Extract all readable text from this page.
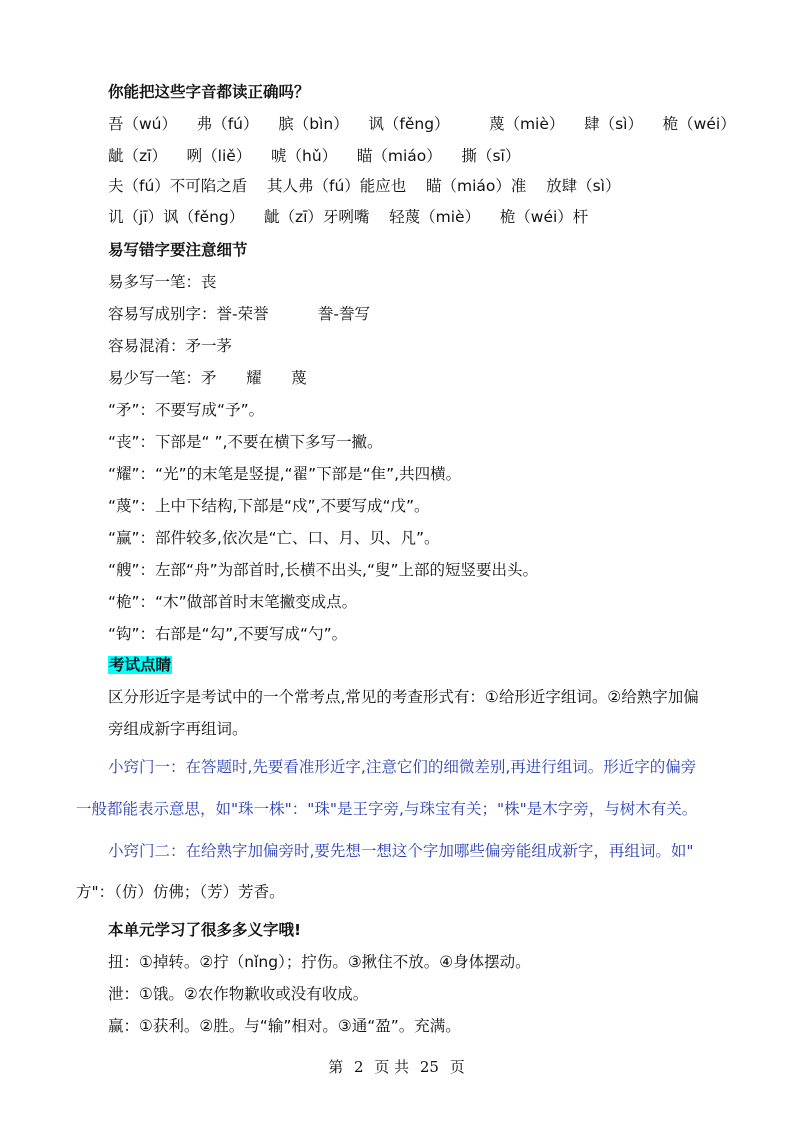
你能把这些字音都读正确吗？
吾（wú）    弗（fú）    膑（bìn）    讽（fěng）        蔑（miè）    肆（sì）    桅（wéi）
龇（zī）    咧（liě）    唬（hǔ）    瞄（miáo）    撕（sī）
夫（fú）不可陷之盾    其人弗（fú）能应也    瞄（miáo）准    放肆（sì）
讥（jī）讽（fěng）    龇（zī）牙咧嘴    轻蔑（miè）    桅（wéi）杆
易写错字要注意细节
易多写一笔：丧
容易写成别字：誉-荣誉          誊-誊写
容易混淆：矛一茅
易少写一笔：矛      耀      蔑
“矛”：不要写成“予”。
“丧”：下部是“ ”,不要在横下多写一撇。
“耀”：“光”的末笔是竖提,“翟”下部是“隹”,共四横。
“蔑”：上中下结构,下部是“戍”,不要写成“戊”。
“赢”：部件较多,依次是“亡、口、月、贝、凡”。
“艘”：左部“舟”为部首时,长横不出头,“叟”上部的短竖要出头。
“桅”：“木”做部首时末笔撇变成点。
“钩”：右部是“勾”,不要写成“勺”。
考试点睛
区分形近字是考试中的一个常考点,常见的考查形式有：①给形近字组词。②给熟字加偏
旁组成新字再组词。
小窍门一：在答题时,先要看准形近字,注意它们的细微差别,再进行组词。形近字的偏旁
一般都能表示意思，如"珠一株"："珠"是王字旁,与珠宝有关；"株"是木字旁，与树木有关。
小窍门二：在给熟字加偏旁时,要先想一想这个字加哪些偏旁能组成新字，再组词。如"
方"：（仿）仿佛；（芳）芳香。
本单元学习了很多多义字哦!
扭：①掉转。②拧（nǐng）；拧伤。③揪住不放。④身体摆动。
泄：①饿。②农作物歉收或没有收成。
赢：①获利。②胜。与“输”相对。③通“盈”。充满。
第 2 页 共 25 页
